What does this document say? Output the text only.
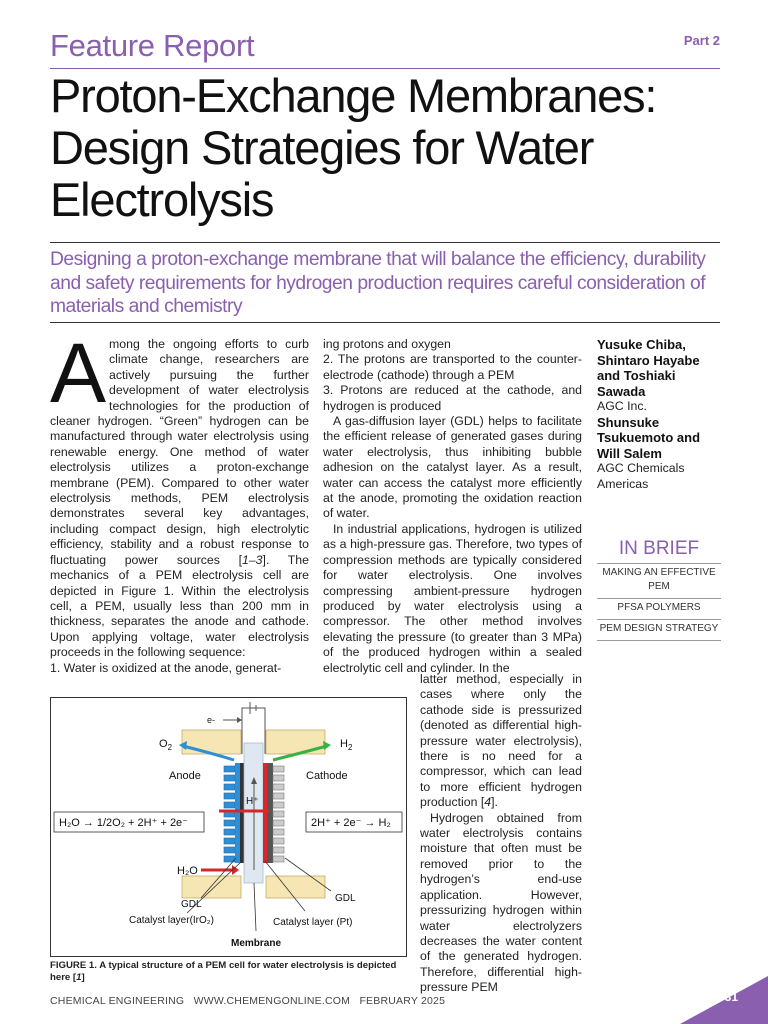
Feature Report	Part 2
Proton-Exchange Membranes: Design Strategies for Water Electrolysis

Designing a proton-exchange membrane that will balance the efficiency, durability and safety requirements for hydrogen production requires careful consideration of materials and chemistry

Among the ongoing efforts to curb climate change, researchers are actively pursuing the further development of water electrolysis technologies for the production of cleaner hydrogen. “Green” hydrogen can be manufactured through water electrolysis using renewable energy. One method of water electrolysis utilizes a proton-exchange membrane (PEM). Compared to other water electrolysis methods, PEM electrolysis demonstrates several key advantages, including compact design, high electrolytic efficiency, stability and a robust response to fluctuating power sources [1–3]. The mechanics of a PEM electrolysis cell are depicted in Figure 1. Within the electrolysis cell, a PEM, usually less than 200 mm in thickness, separates the anode and cathode. Upon applying voltage, water electrolysis proceeds in the following sequence:

1. Water is oxidized at the anode, generat-

ing protons and oxygen

2. The protons are transported to the counter-electrode (cathode) through a PEM

3. Protons are reduced at the cathode, and hydrogen is produced

A gas-diffusion layer (GDL) helps to facilitate the efficient release of generated gases during water electrolysis, thus inhibiting bubble adhesion on the catalyst layer. As a result, water can access the catalyst more efficiently at the anode, promoting the oxidation reaction of water.

In industrial applications, hydrogen is utilized as a high-pressure gas. Therefore, two types of compression methods are typically considered for water electrolysis. One involves compressing ambient-pressure hydrogen produced by water electrolysis using a compressor. The other method involves elevating the pressure (to greater than 3 MPa) of the produced hydrogen within a sealed electrolytic cell and cylinder. In the

latter method, especially in cases where only the cathode side is pressurized (denoted as differential high-pressure water electrolysis), there is no need for a compressor, which can lead to more efficient hydrogen production [4].

Hydrogen obtained from water electrolysis contains moisture that often must be removed prior to the hydrogen’s end-use application. However, pressurizing hydrogen within water electrolyzers decreases the water content of the generated hydrogen. Therefore, differential high-pressure PEM

Yusuke Chiba, Shintaro Hayabe and Toshiaki Sawada
AGC Inc.
Shunsuke Tsukuemoto and Will Salem
AGC Chemicals Americas
IN BRIEF
MAKING AN EFFECTIVE PEM
PFSA POLYMERS
PEM DESIGN STRATEGY
e-
$O_2$	$H_2$
Anode	Cathode
H⁺
H₂O → 1/2O₂ + 2H⁺ + 2e⁻	2H⁺ + 2e⁻ → H₂
H₂O
GDL
Catalyst layer(IrO₂)
GDL
Catalyst layer (Pt)
Membrane

FIGURE 1. A typical structure of a PEM cell for water electrolysis is depicted here [1]

CHEMICAL ENGINEERING   WWW.CHEMENGONLINE.COM   FEBRUARY 2025	31
